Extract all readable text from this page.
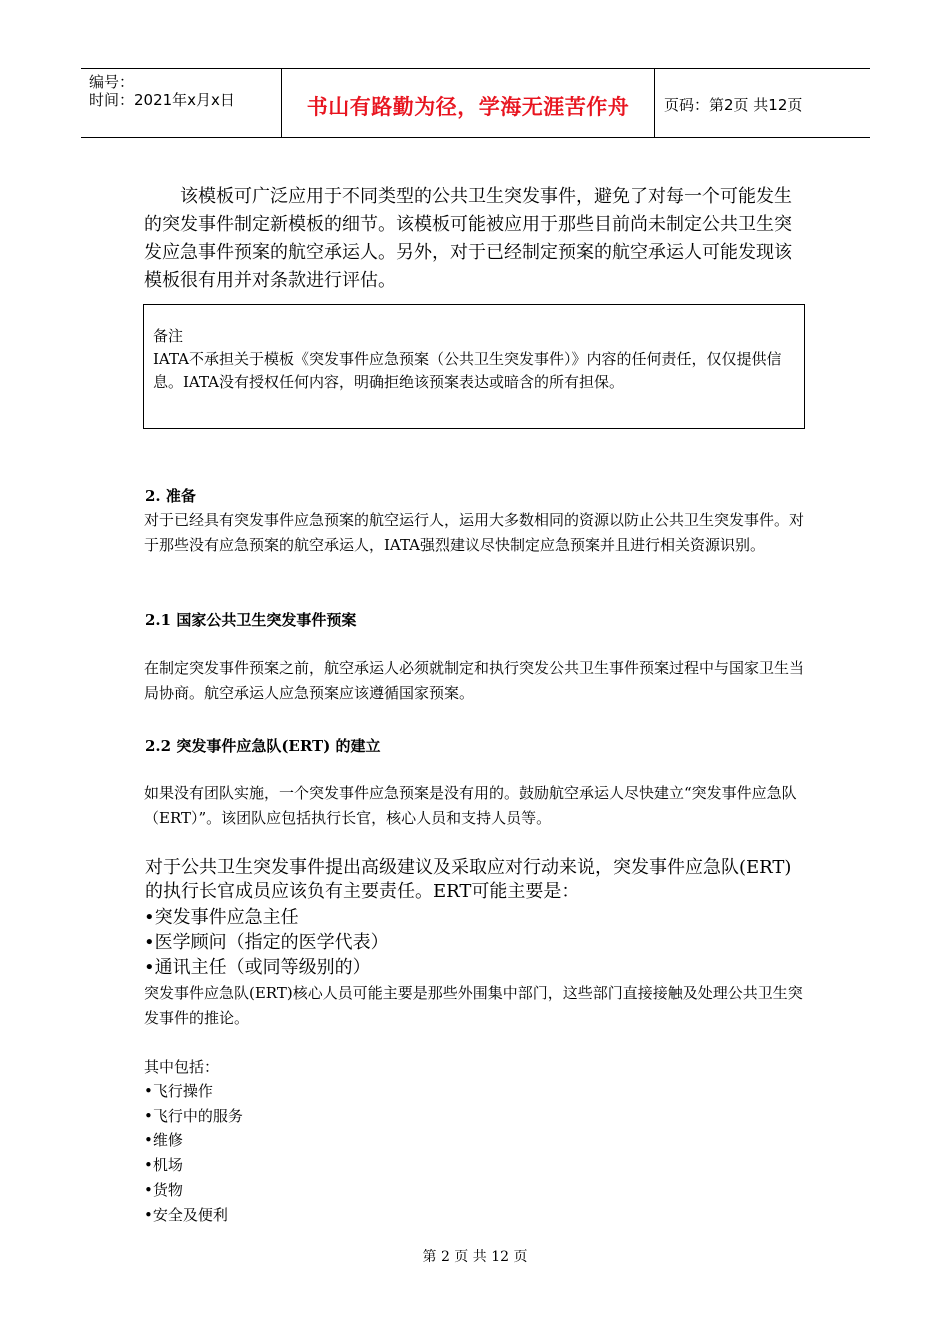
编号：
时间：2021年x月x日	书山有路勤为径，学海无涯苦作舟	页码：第2页 共12页

该模板可广泛应用于不同类型的公共卫生突发事件，避免了对每一个可能发生的突发事件制定新模板的细节。该模板可能被应用于那些目前尚未制定公共卫生突发应急事件预案的航空承运人。另外，对于已经制定预案的航空承运人可能发现该模板很有用并对条款进行评估。

备注

IATA不承担关于模板《突发事件应急预案（公共卫生突发事件）》内容的任何责任，仅仅提供信息。IATA没有授权任何内容，明确拒绝该预案表达或暗含的所有担保。

2. 准备

对于已经具有突发事件应急预案的航空运行人，运用大多数相同的资源以防止公共卫生突发事件。对于那些没有应急预案的航空承运人，IATA强烈建议尽快制定应急预案并且进行相关资源识别。

2.1 国家公共卫生突发事件预案

在制定突发事件预案之前，航空承运人必须就制定和执行突发公共卫生事件预案过程中与国家卫生当局协商。航空承运人应急预案应该遵循国家预案。

2.2 突发事件应急队(ERT) 的建立

如果没有团队实施，一个突发事件应急预案是没有用的。鼓励航空承运人尽快建立“突发事件应急队（ERT）”。该团队应包括执行长官，核心人员和支持人员等。

对于公共卫生突发事件提出高级建议及采取应对行动来说，突发事件应急队(ERT)的执行长官成员应该负有主要责任。ERT可能主要是：

• 突发事件应急主任
• 医学顾问（指定的医学代表）
• 通讯主任（或同等级别的）

突发事件应急队(ERT)核心人员可能主要是那些外围集中部门，这些部门直接接触及处理公共卫生突发事件的推论。

其中包括：

• 飞行操作
• 飞行中的服务
• 维修
• 机场
• 货物
• 安全及便利
第 2 页 共 12 页
